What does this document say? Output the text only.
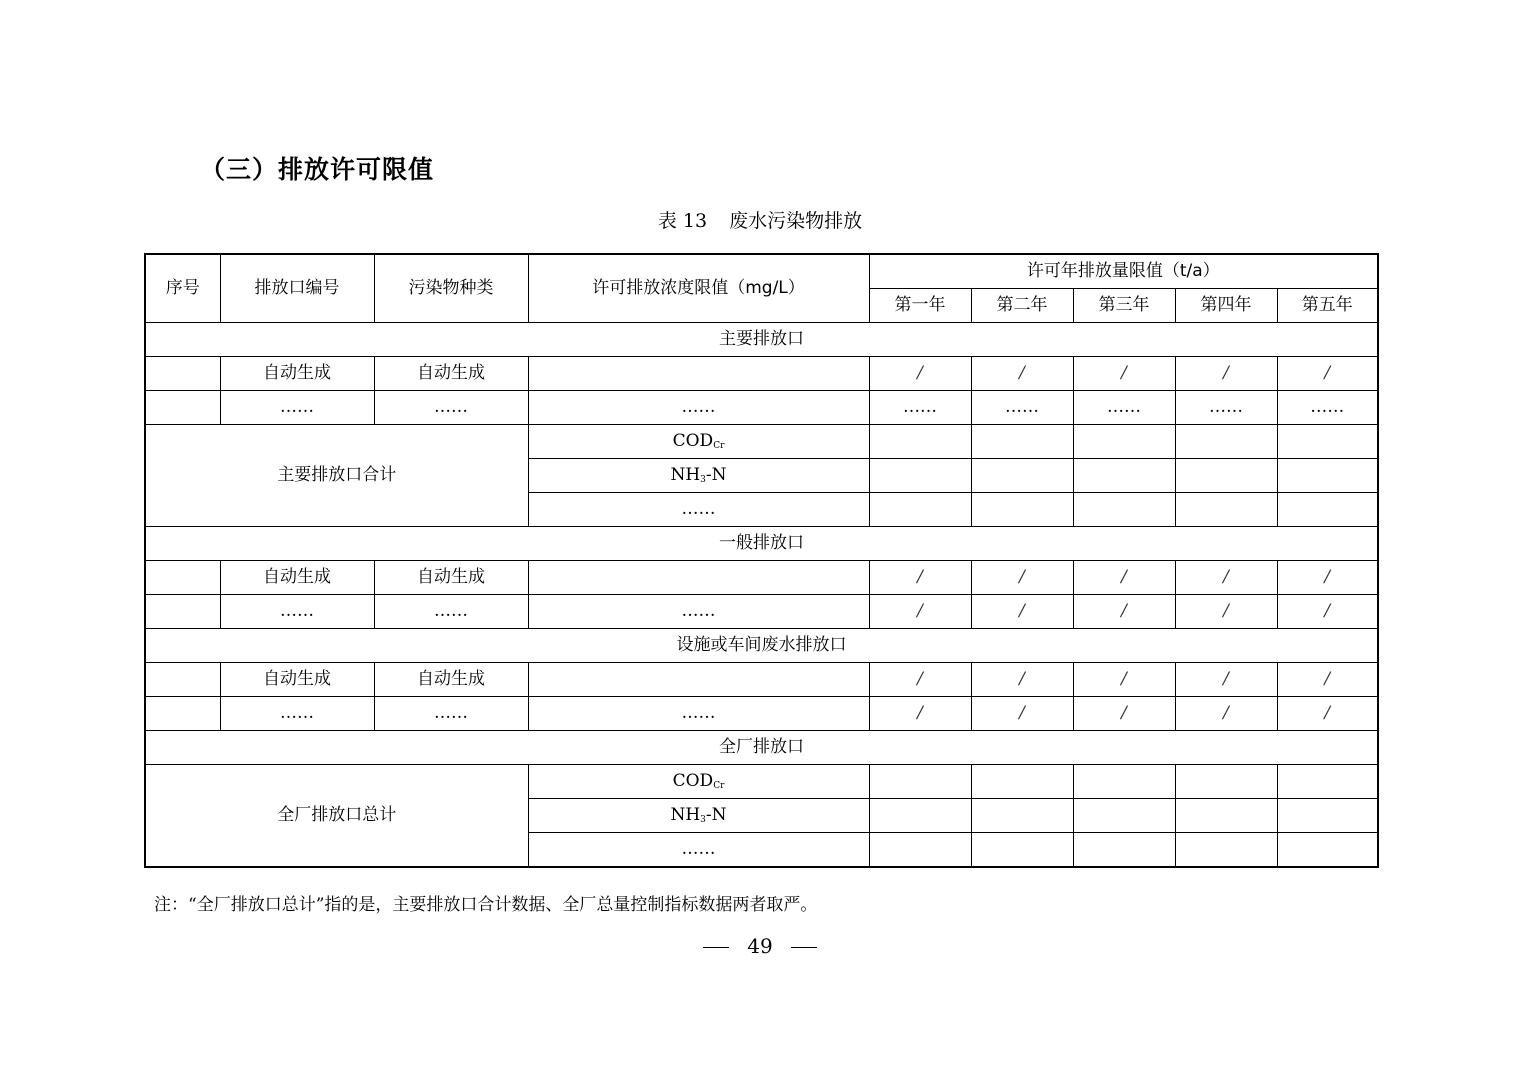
（三）排放许可限值
表 13 废水污染物排放
序号	排放口编号	污染物种类	许可排放浓度限值（mg/L）	许可年排放量限值（t/a）				
				第一年	第二年	第三年	第四年	第五年
主要排放口								
	自动生成	自动生成		/	/	/	/	/
	……	……	……	……	……	……	……	……
主要排放口合计			$COD_{Cr}$					
			$NH_3-N$					
			……					
一般排放口								
	自动生成	自动生成		/	/	/	/	/
	……	……	……	/	/	/	/	/
设施或车间废水排放口								
	自动生成	自动生成		/	/	/	/	/
	……	……	……	/	/	/	/	/
全厂排放口								
全厂排放口总计			$COD_{Cr}$					
			$NH_3-N$					
			……					
注：“全厂排放口总计”指的是，主要排放口合计数据、全厂总量控制指标数据两者取严。
49
